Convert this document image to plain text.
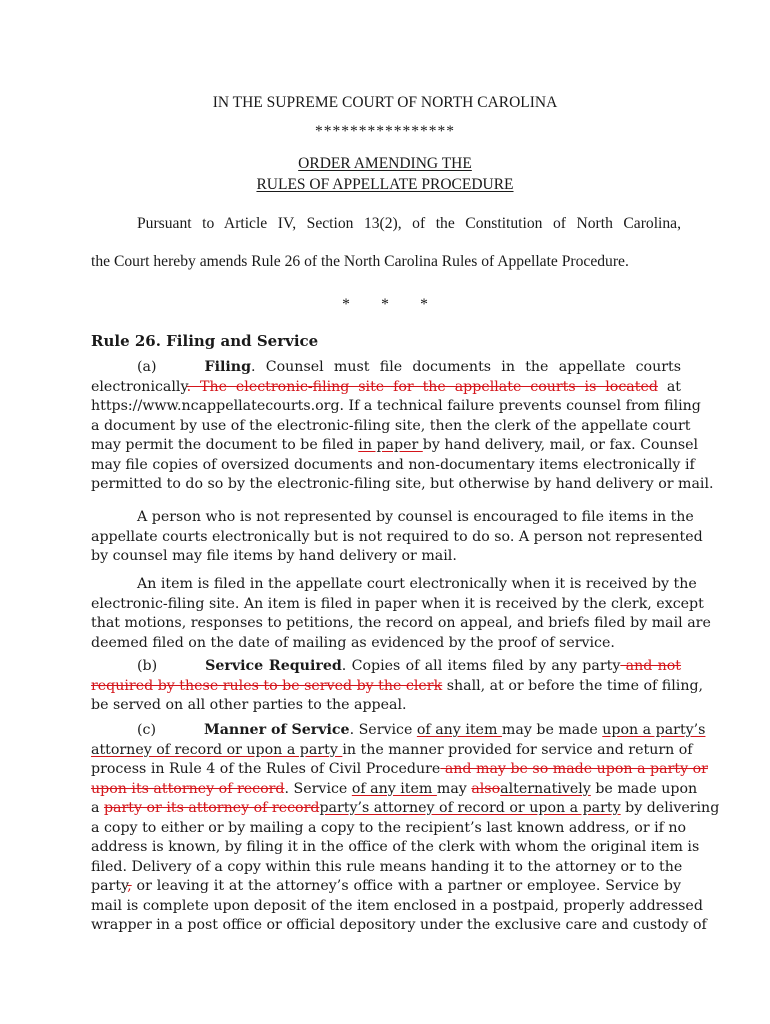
IN THE SUPREME COURT OF NORTH CAROLINA
****************
ORDER AMENDING THE
RULES OF APPELLATE PROCEDURE
Pursuant to Article IV, Section 13(2), of the Constitution of North Carolina,
the Court hereby amends Rule 26 of the North Carolina Rules of Appellate Procedure.
*        *        *
Rule 26. Filing and Service
(a)	Filing. Counsel must file documents in the appellate courts
electronically. The electronic-filing site for the appellate courts is located at
https://www.ncappellatecourts.org. If a technical failure prevents counsel from filing
a document by use of the electronic-filing site, then the clerk of the appellate court
may permit the document to be filed in paper by hand delivery, mail, or fax. Counsel
may file copies of oversized documents and non-documentary items electronically if
permitted to do so by the electronic-filing site, but otherwise by hand delivery or mail.
A person who is not represented by counsel is encouraged to file items in the
appellate courts electronically but is not required to do so. A person not represented
by counsel may file items by hand delivery or mail.
An item is filed in the appellate court electronically when it is received by the
electronic-filing site. An item is filed in paper when it is received by the clerk, except
that motions, responses to petitions, the record on appeal, and briefs filed by mail are
deemed filed on the date of mailing as evidenced by the proof of service.
(b)	Service Required. Copies of all items filed by any party and not
required by these rules to be served by the clerk shall, at or before the time of filing,
be served on all other parties to the appeal.
(c)	Manner of Service. Service of any item may be made upon a party’s
attorney of record or upon a party in the manner provided for service and return of
process in Rule 4 of the Rules of Civil Procedure and may be so made upon a party or
upon its attorney of record. Service of any item may alsoalternatively be made upon
a party or its attorney of recordparty’s attorney of record or upon a party by delivering
a copy to either or by mailing a copy to the recipient’s last known address, or if no
address is known, by filing it in the office of the clerk with whom the original item is
filed. Delivery of a copy within this rule means handing it to the attorney or to the
party, or leaving it at the attorney’s office with a partner or employee. Service by
mail is complete upon deposit of the item enclosed in a postpaid, properly addressed
wrapper in a post office or official depository under the exclusive care and custody of
